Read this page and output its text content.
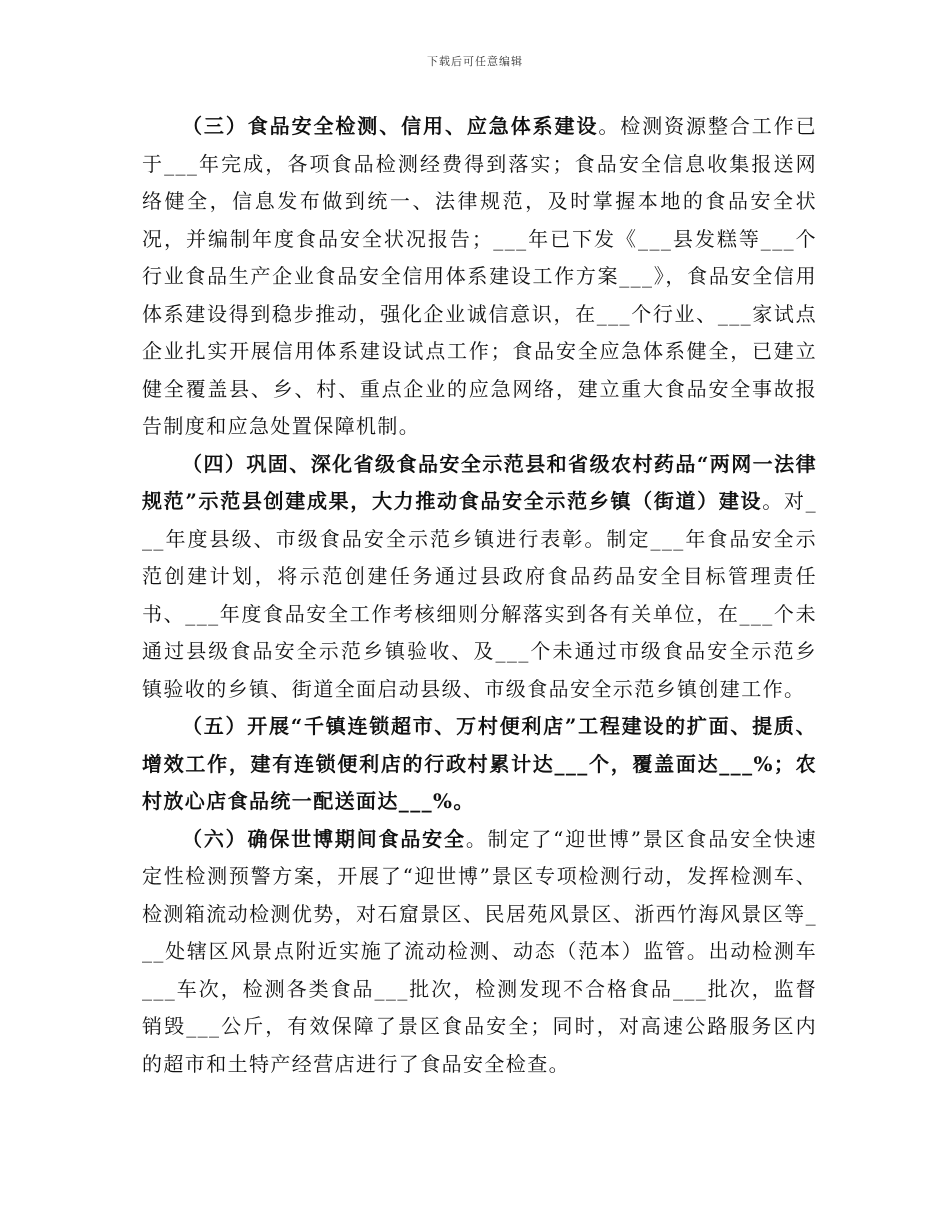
下载后可任意编辑

（三）食品安全检测、信用、应急体系建设。检测资源整合工作已于___年完成，各项食品检测经费得到落实；食品安全信息收集报送网络健全，信息发布做到统一、法律规范，及时掌握本地的食品安全状况，并编制年度食品安全状况报告；___年已下发《___县发糕等___个行业食品生产企业食品安全信用体系建设工作方案___》，食品安全信用体系建设得到稳步推动，强化企业诚信意识，在___个行业、___家试点企业扎实开展信用体系建设试点工作；食品安全应急体系健全，已建立健全覆盖县、乡、村、重点企业的应急网络，建立重大食品安全事故报告制度和应急处置保障机制。

（四）巩固、深化省级食品安全示范县和省级农村药品“两网一法律规范”示范县创建成果，大力推动食品安全示范乡镇（街道）建设。对___年度县级、市级食品安全示范乡镇进行表彰。制定___年食品安全示范创建计划，将示范创建任务通过县政府食品药品安全目标管理责任书、___年度食品安全工作考核细则分解落实到各有关单位，在___个未通过县级食品安全示范乡镇验收、及___个未通过市级食品安全示范乡镇验收的乡镇、街道全面启动县级、市级食品安全示范乡镇创建工作。

（五）开展“千镇连锁超市、万村便利店”工程建设的扩面、提质、增效工作，建有连锁便利店的行政村累计达___个，覆盖面达___%；农村放心店食品统一配送面达___%。

（六）确保世博期间食品安全。制定了“迎世博”景区食品安全快速定性检测预警方案，开展了“迎世博”景区专项检测行动，发挥检测车、检测箱流动检测优势，对石窟景区、民居苑风景区、浙西竹海风景区等___处辖区风景点附近实施了流动检测、动态（范本）监管。出动检测车___车次，检测各类食品___批次，检测发现不合格食品___批次，监督销毁___公斤，有效保障了景区食品安全；同时，对高速公路服务区内的超市和土特产经营店进行了食品安全检查。
